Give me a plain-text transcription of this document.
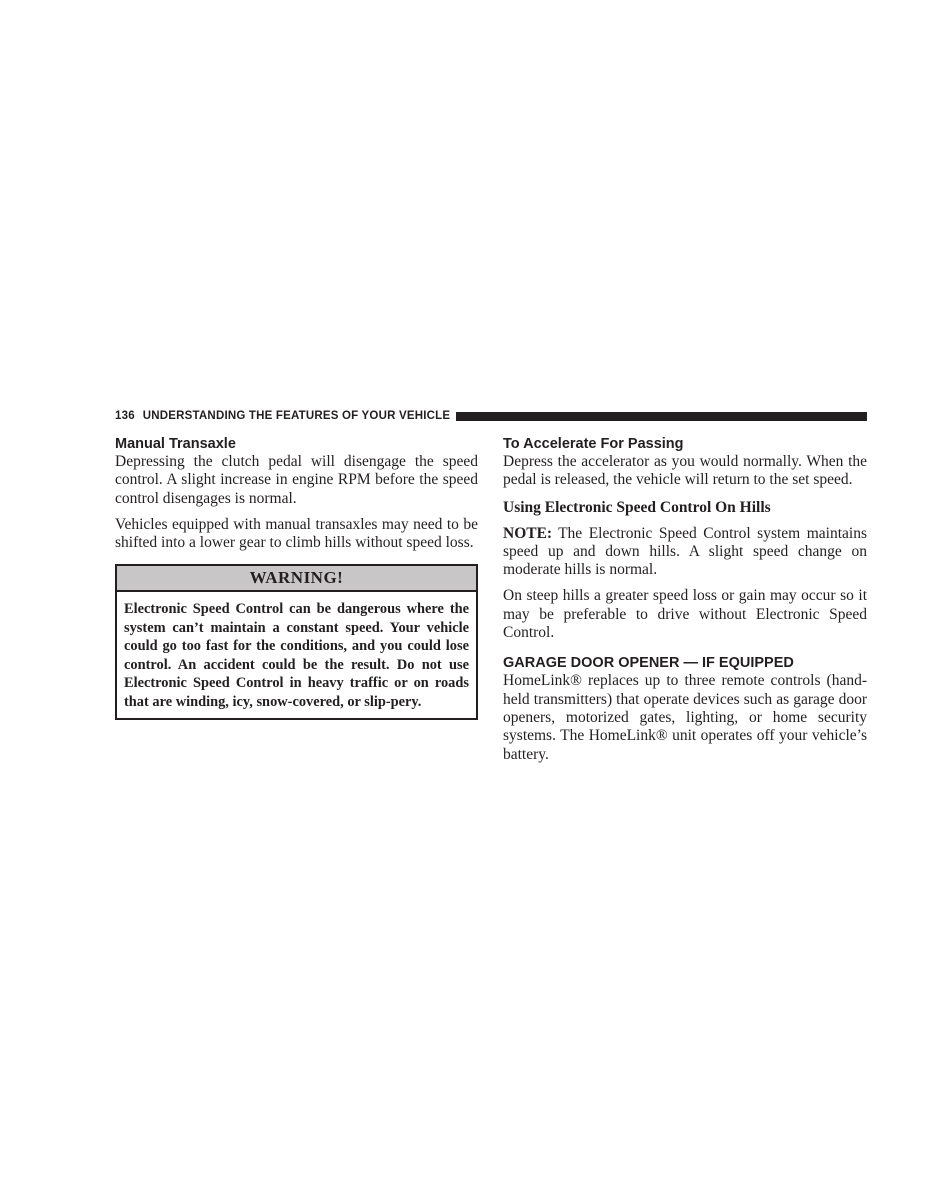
136 UNDERSTANDING THE FEATURES OF YOUR VEHICLE
Manual Transaxle

Depressing the clutch pedal will disengage the speed control. A slight increase in engine RPM before the speed control disengages is normal.

Vehicles equipped with manual transaxles may need to be shifted into a lower gear to climb hills without speed loss.

WARNING!
Electronic Speed Control can be dangerous where the system can’t maintain a constant speed. Your vehicle could go too fast for the conditions, and you could lose control. An accident could be the result. Do not use Electronic Speed Control in heavy traffic or on roads that are winding, icy, snow-covered, or slip-pery.
To Accelerate For Passing

Depress the accelerator as you would normally. When the pedal is released, the vehicle will return to the set speed.

Using Electronic Speed Control On Hills

NOTE: The Electronic Speed Control system maintains speed up and down hills. A slight speed change on moderate hills is normal.

On steep hills a greater speed loss or gain may occur so it may be preferable to drive without Electronic Speed Control.

GARAGE DOOR OPENER — IF EQUIPPED

HomeLink® replaces up to three remote controls (hand-held transmitters) that operate devices such as garage door openers, motorized gates, lighting, or home security systems. The HomeLink® unit operates off your vehicle’s battery.
